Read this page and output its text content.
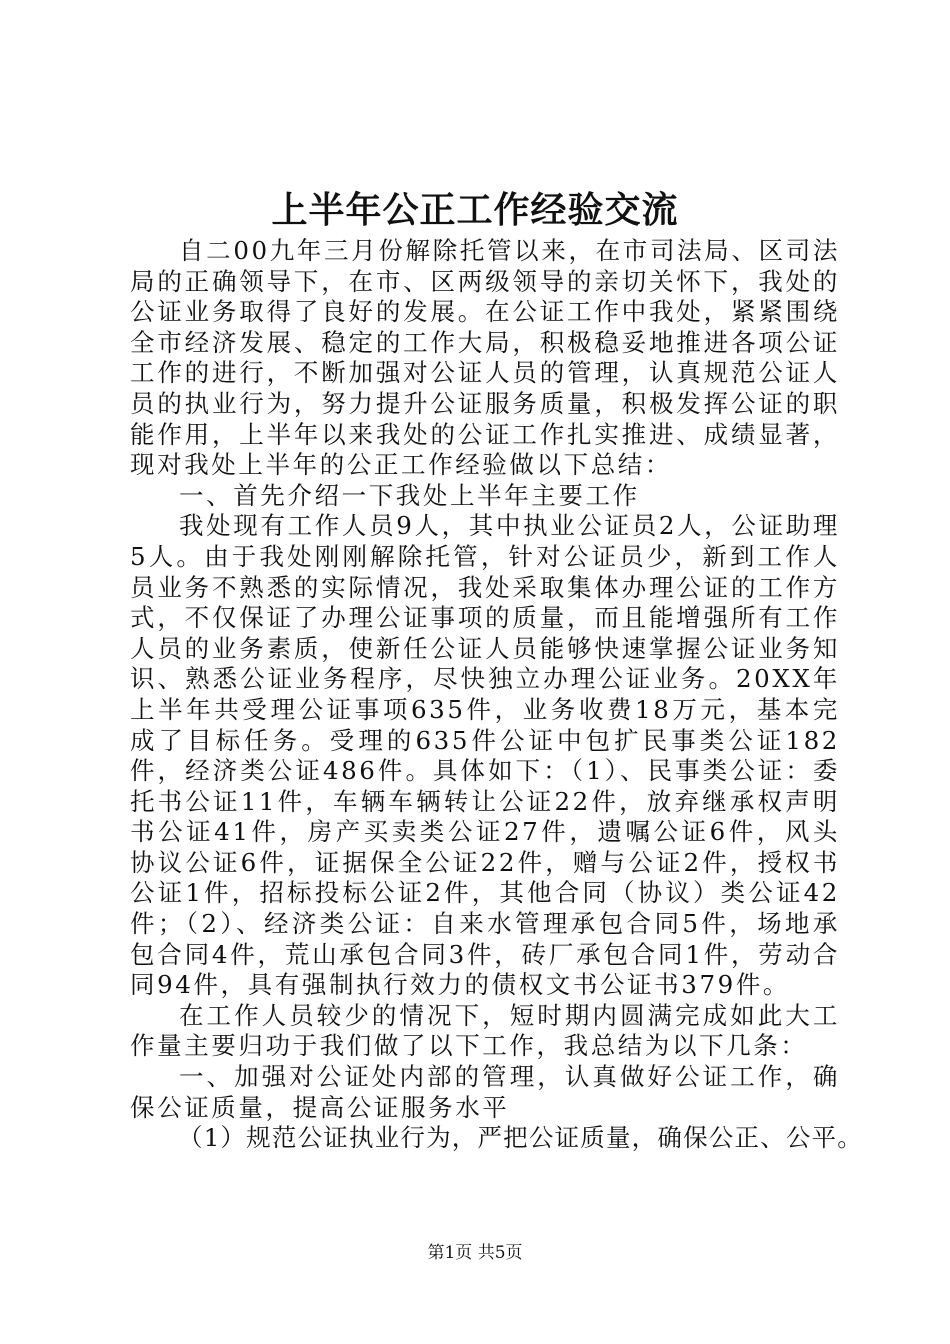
上半年公正工作经验交流

自二00九年三月份解除托管以来，在市司法局、区司法局的正确领导下，在市、区两级领导的亲切关怀下，我处的公证业务取得了良好的发展。在公证工作中我处，紧紧围绕全市经济发展、稳定的工作大局，积极稳妥地推进各项公证工作的进行，不断加强对公证人员的管理，认真规范公证人员的执业行为，努力提升公证服务质量，积极发挥公证的职能作用，上半年以来我处的公证工作扎实推进、成绩显著，现对我处上半年的公正工作经验做以下总结：

一、首先介绍一下我处上半年主要工作

我处现有工作人员9人，其中执业公证员2人，公证助理5人。由于我处刚刚解除托管，针对公证员少，新到工作人员业务不熟悉的实际情况，我处采取集体办理公证的工作方式，不仅保证了办理公证事项的质量，而且能增强所有工作人员的业务素质，使新任公证人员能够快速掌握公证业务知识、熟悉公证业务程序，尽快独立办理公证业务。20XX年上半年共受理公证事项635件，业务收费18万元，基本完成了目标任务。受理的635件公证中包扩民事类公证182件，经济类公证486件。具体如下：（1）、民事类公证：委托书公证11件，车辆车辆转让公证22件，放弃继承权声明书公证41件，房产买卖类公证27件，遗嘱公证6件，风头协议公证6件，证据保全公证22件，赠与公证2件，授权书公证1件，招标投标公证2件，其他合同（协议）类公证42件；（2）、经济类公证：自来水管理承包合同5件，场地承包合同4件，荒山承包合同3件，砖厂承包合同1件，劳动合同94件，具有强制执行效力的债权文书公证书379件。

在工作人员较少的情况下，短时期内圆满完成如此大工作量主要归功于我们做了以下工作，我总结为以下几条：

一、加强对公证处内部的管理，认真做好公证工作，确保公证质量，提高公证服务水平

（1）规范公证执业行为，严把公证质量，确保公正、公平。

第1页 共5页
